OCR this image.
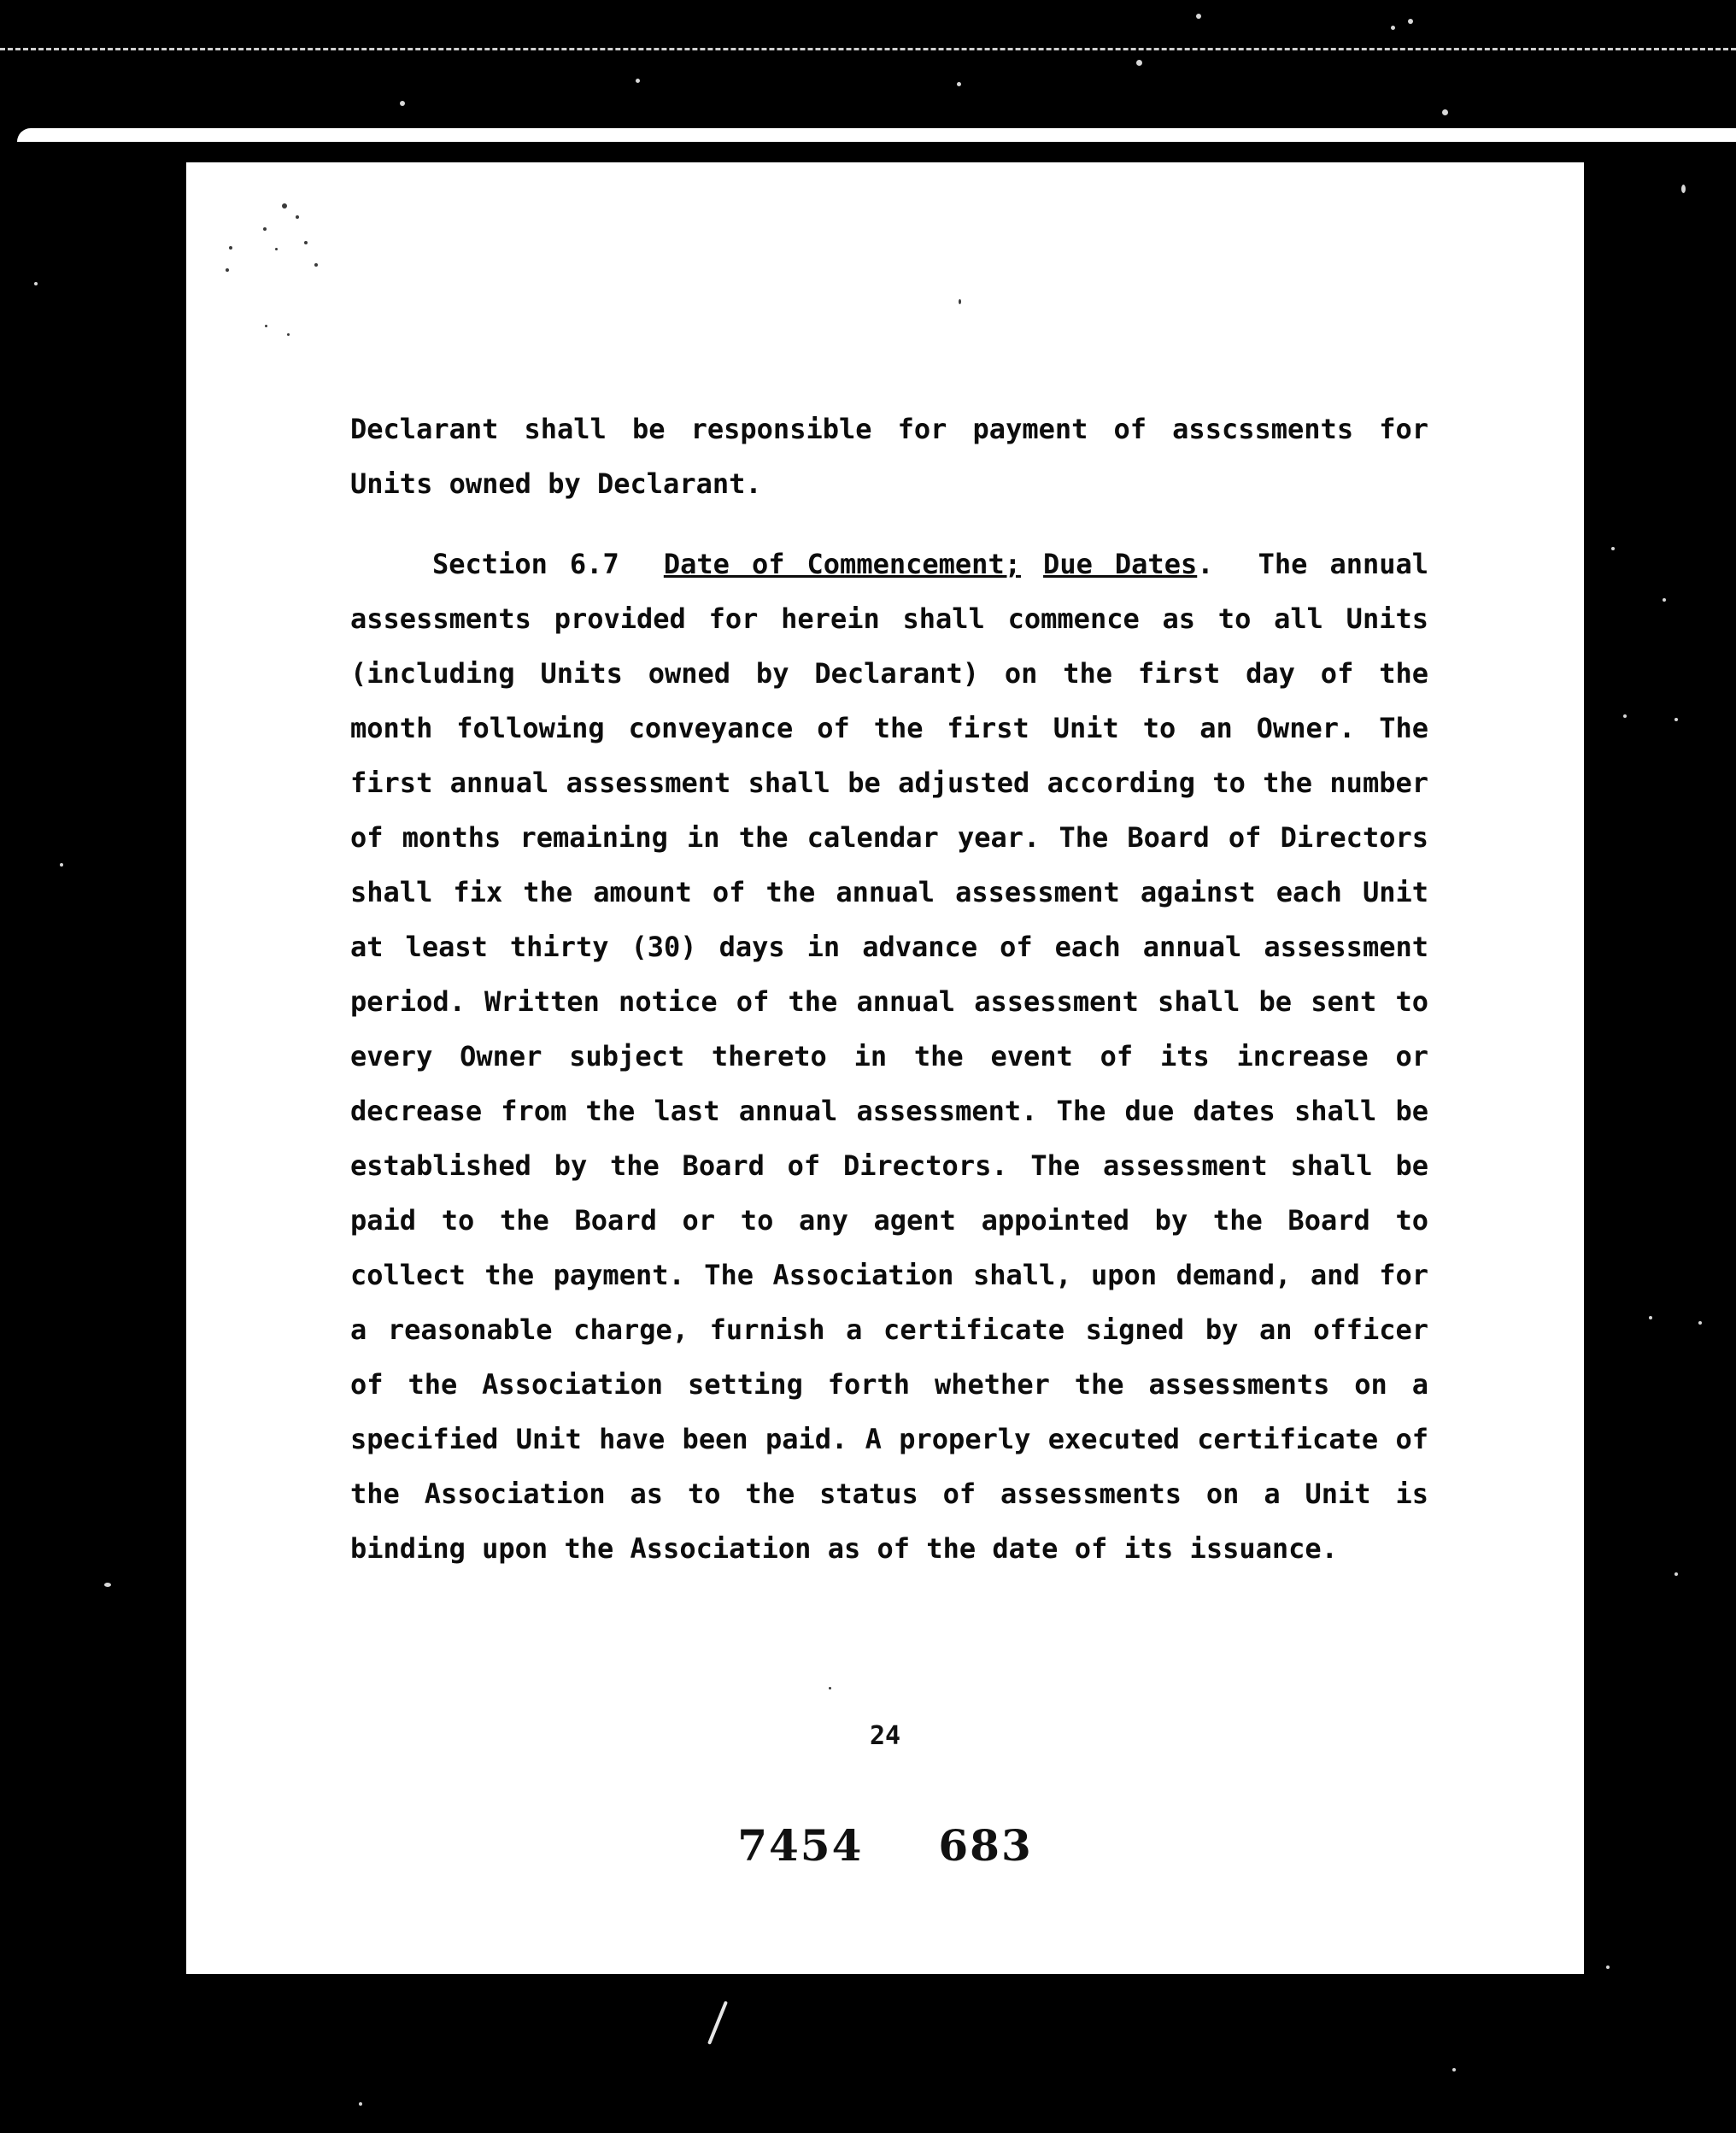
Declarant shall be responsible for payment of asscssments for Units owned by Declarant.

Section 6.7 Date of Commencement; Due Dates. The annual assessments provided for herein shall commence as to all Units (including Units owned by Declarant) on the first day of the month following conveyance of the first Unit to an Owner. The first annual assessment shall be adjusted according to the number of months remaining in the calendar year. The Board of Directors shall fix the amount of the annual assessment against each Unit at least thirty (30) days in advance of each annual assessment period. Written notice of the annual assessment shall be sent to every Owner subject thereto in the event of its increase or decrease from the last annual assessment. The due dates shall be established by the Board of Directors. The assessment shall be paid to the Board or to any agent appointed by the Board to collect the payment. The Association shall, upon demand, and for a reasonable charge, furnish a certificate signed by an officer of the Association setting forth whether the assessments on a specified Unit have been paid. A properly executed certificate of the Association as to the status of assessments on a Unit is binding upon the Association as of the date of its issuance.

24
7454 683
